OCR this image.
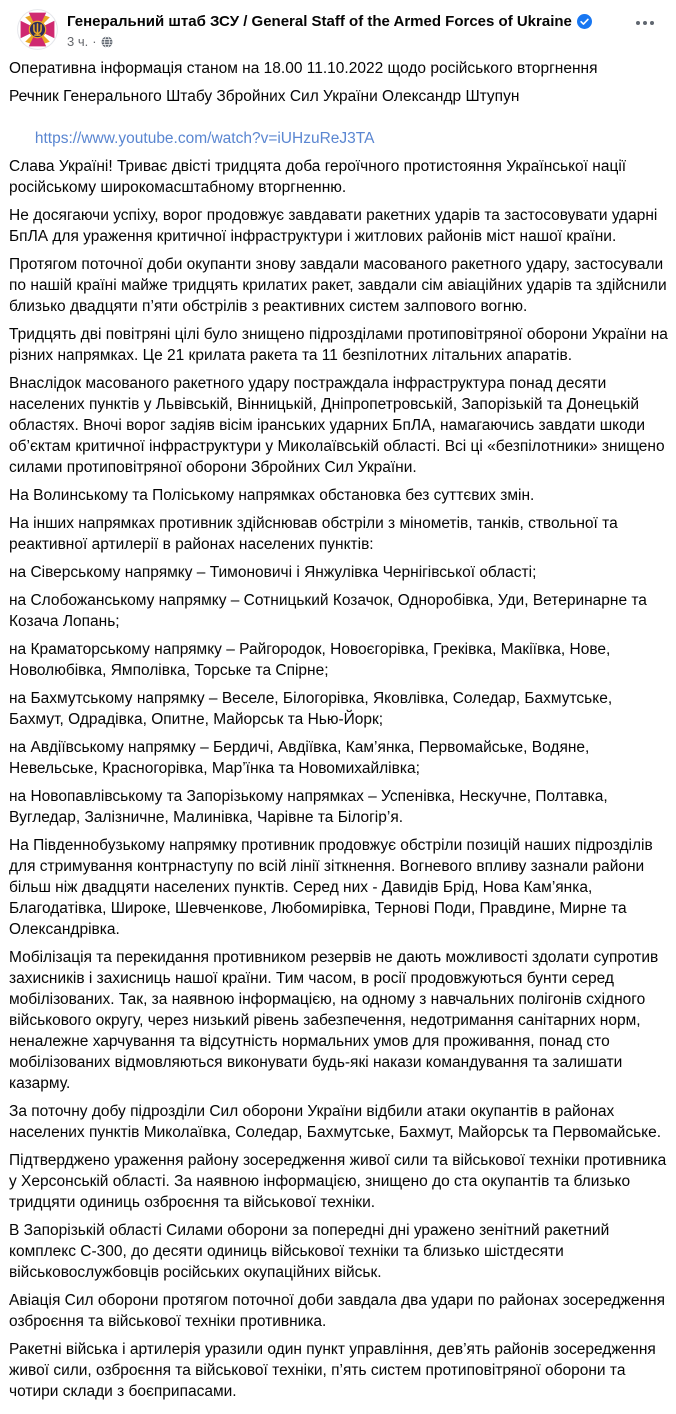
Генеральний штаб ЗСУ / General Staff of the Armed Forces of Ukraine
3 ч. ·

Оперативна інформація станом на 18.00 11.10.2022 щодо російського вторгнення

Речник Генерального Штабу Збройних Сил України Олександр Штупун

https://www.youtube.com/watch?v=iUHzuReJ3TA

Слава Україні! Триває двісті тридцята доба героїчного протистояння Української нації російському широкомасштабному вторгненню.

Не досягаючи успіху, ворог продовжує завдавати ракетних ударів та застосовувати ударні БпЛА для ураження критичної інфраструктури і житлових районів міст нашої країни.

Протягом поточної доби окупанти знову завдали масованого ракетного удару, застосували по нашій країні майже тридцять крилатих ракет, завдали сім авіаційних ударів та здійснили близько двадцяти п’яти обстрілів з реактивних систем залпового вогню.

Тридцять дві повітряні цілі було знищено підрозділами протиповітряної оборони України на різних напрямках. Це 21 крилата ракета та 11 безпілотних літальних апаратів.

Внаслідок масованого ракетного удару постраждала інфраструктура понад десяти населених пунктів у Львівській, Вінницькій, Дніпропетровській, Запорізькій та Донецькій областях. Вночі ворог задіяв вісім іранських ударних БпЛА, намагаючись завдати шкоди об’єктам критичної інфраструктури у Миколаївській області. Всі ці «безпілотники» знищено силами протиповітряної оборони Збройних Сил України.

На Волинському та Поліському напрямках обстановка без суттєвих змін.

На інших напрямках противник здійснював обстріли з мінометів, танків, ствольної та реактивної артилерії в районах населених пунктів:

на Сіверському напрямку – Тимоновичі і Янжулівка Чернігівської області;

на Слобожанському напрямку – Сотницький Козачок, Одноробівка, Уди, Ветеринарне та Козача Лопань;

на Краматорському напрямку – Райгородок, Новоєгорівка, Греківка, Макіївка, Нове, Новолюбівка, Ямполівка, Торське та Спірне;

на Бахмутському напрямку – Веселе, Білогорівка, Яковлівка, Соледар, Бахмутське, Бахмут, Одрадівка, Опитне, Майорськ та Нью-Йорк;

на Авдіївському напрямку – Бердичі, Авдіївка, Кам’янка, Первомайське, Водяне, Невельське, Красногорівка, Мар’їнка та Новомихайлівка;

на Новопавлівському та Запорізькому напрямках – Успенівка, Нескучне, Полтавка, Вугледар, Залізничне, Малинівка, Чарівне та Білогір’я.

На Південнобузькому напрямку противник продовжує обстріли позицій наших підрозділів для стримування контрнаступу по всій лінії зіткнення. Вогневого впливу зазнали райони більш ніж двадцяти населених пунктів. Серед них - Давидів Брід, Нова Кам’янка, Благодатівка, Широке, Шевченкове, Любомирівка, Тернові Поди, Правдине, Мирне та Олександрівка.

Мобілізація та перекидання противником резервів не дають можливості здолати супротив захисників і захисниць нашої країни. Тим часом, в росії продовжуються бунти серед мобілізованих. Так, за наявною інформацією, на одному з навчальних полігонів східного військового округу, через низький рівень забезпечення, недотримання санітарних норм, неналежне харчування та відсутність нормальних умов для проживання, понад сто мобілізованих відмовляються виконувати будь-які накази командування та залишати казарму.

За поточну добу підрозділи Сил оборони України відбили атаки окупантів в районах населених пунктів Миколаївка, Соледар, Бахмутське, Бахмут, Майорськ та Первомайське.

Підтверджено ураження району зосередження живої сили та військової техніки противника у Херсонській області. За наявною інформацією, знищено до ста окупантів та близько тридцяти одиниць озброєння та військової техніки.

В Запорізькій області Силами оборони за попередні дні уражено зенітний ракетний комплекс С-300, до десяти одиниць військової техніки та близько шістдесяти військовослужбовців російських окупаційних військ.

Авіація Сил оборони протягом поточної доби завдала два удари по районах зосередження озброєння та військової техніки противника.

Ракетні війська і артилерія уразили один пункт управління, дев’ять районів зосередження живої сили, озброєння та військової техніки, п’ять систем протиповітряної оборони та чотири склади з боєприпасами.
